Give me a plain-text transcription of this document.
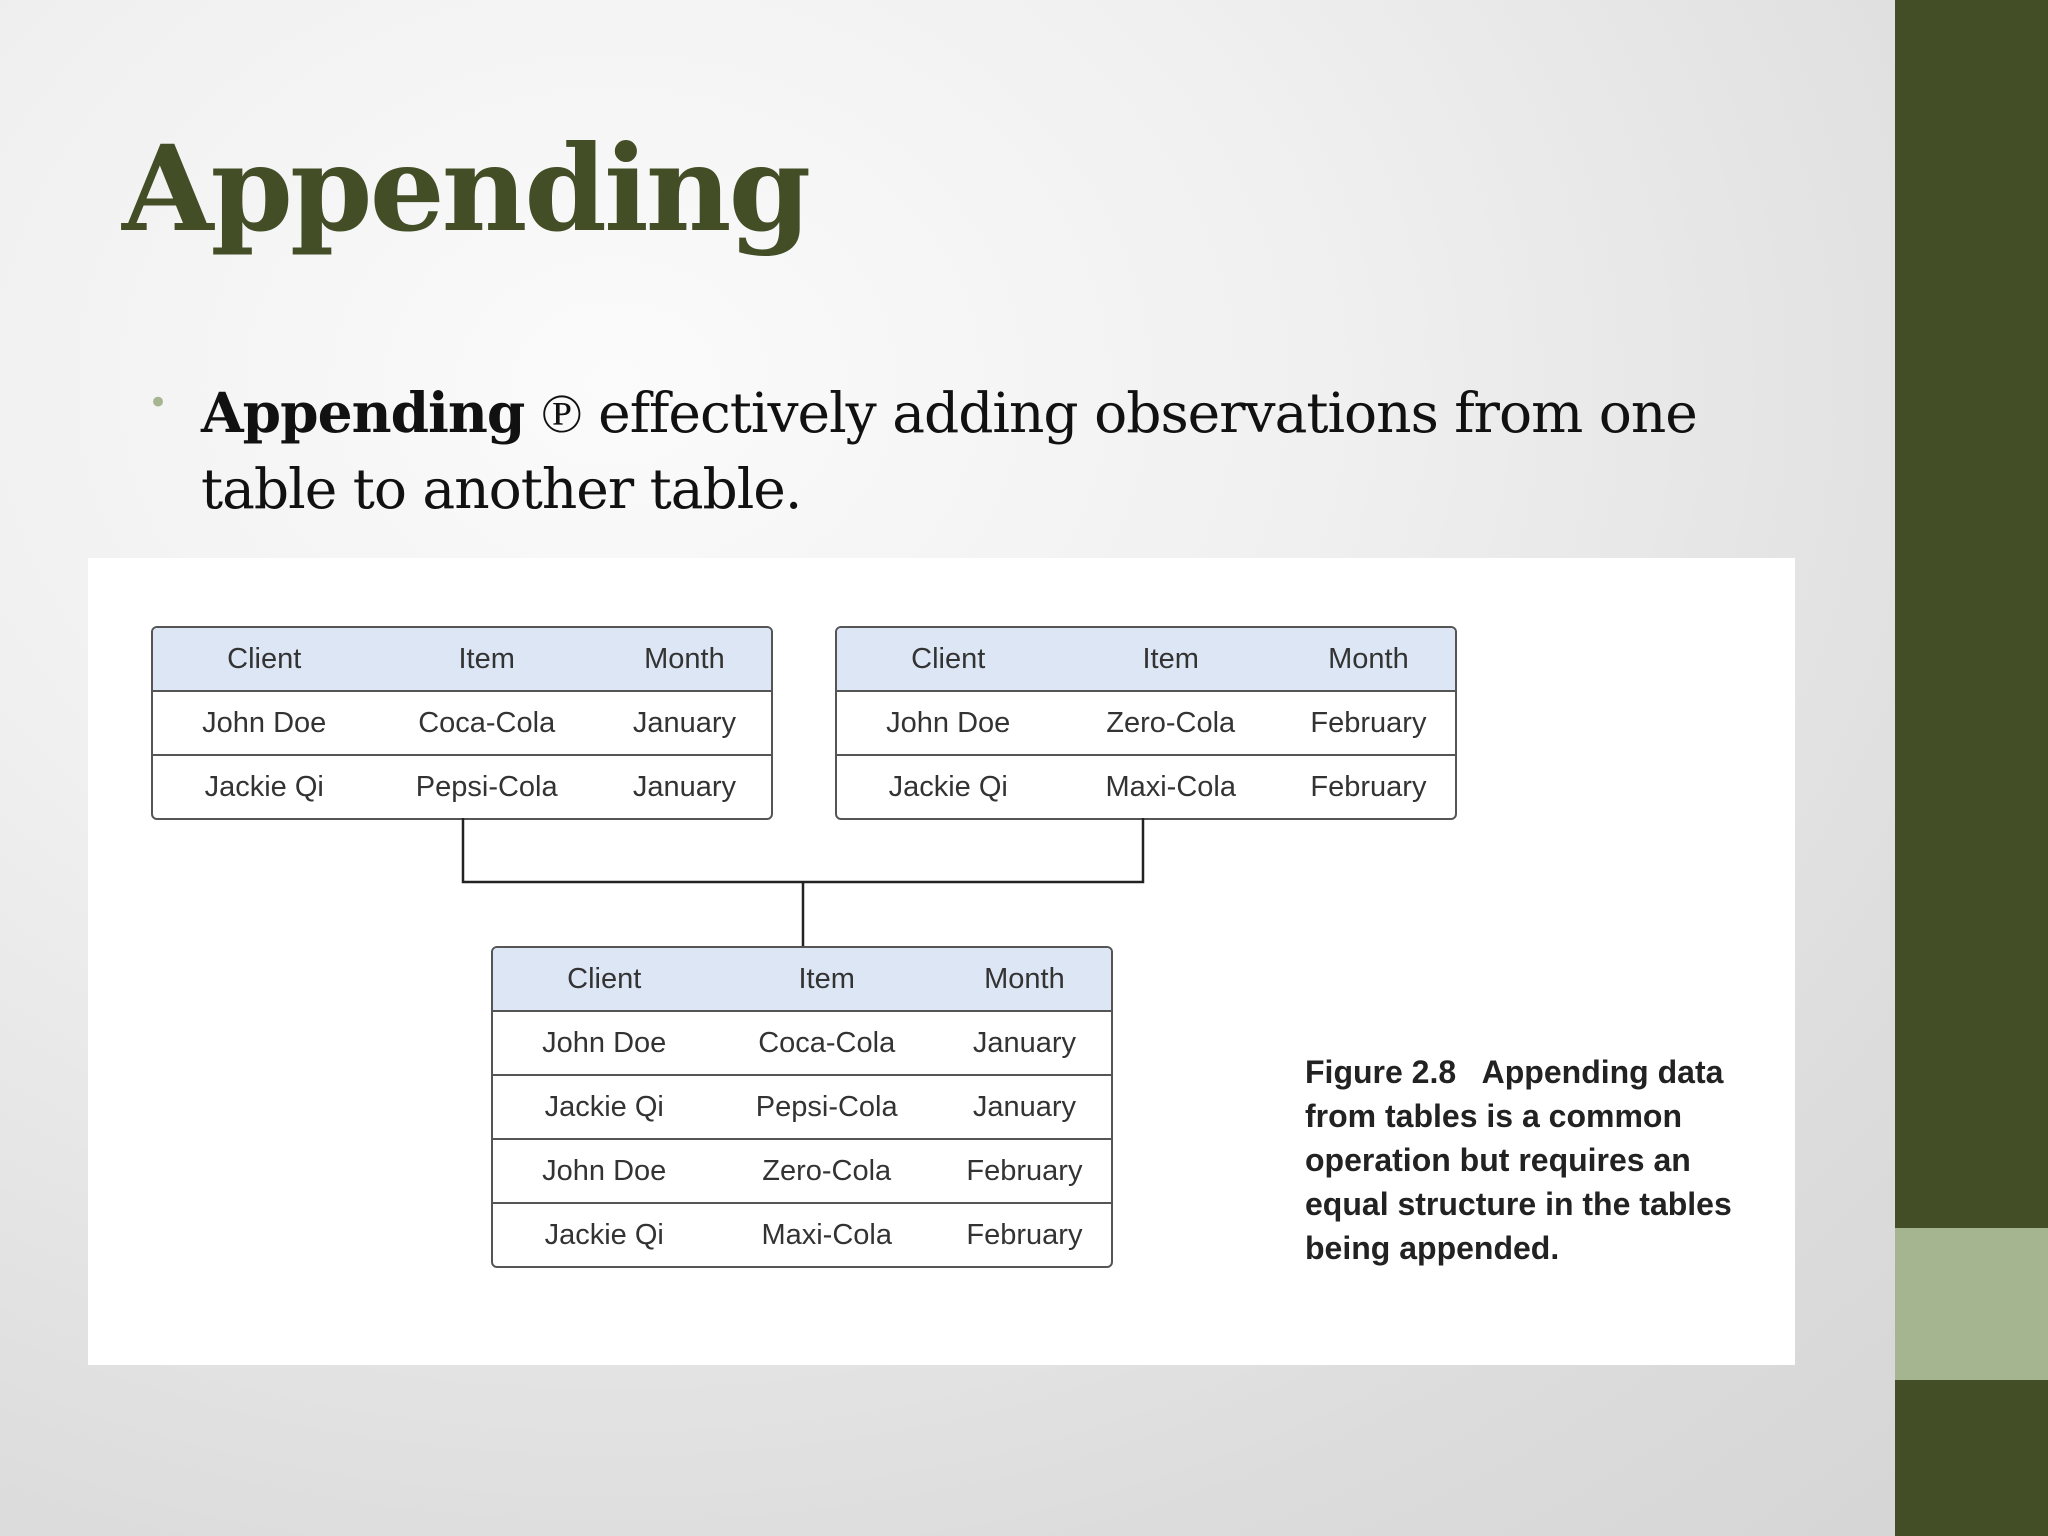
Appending
• Appending ℗ effectively adding observations from one table to another table.
Client	Item	Month
John Doe	Coca-Cola	January
Jackie Qi	Pepsi-Cola	January
Client	Item	Month
John Doe	Zero-Cola	February
Jackie Qi	Maxi-Cola	February
Client	Item	Month
John Doe	Coca-Cola	January
Jackie Qi	Pepsi-Cola	January
John Doe	Zero-Cola	February
Jackie Qi	Maxi-Cola	February
Figure 2.8 Appending data from tables is a common operation but requires an equal structure in the tables being appended.
